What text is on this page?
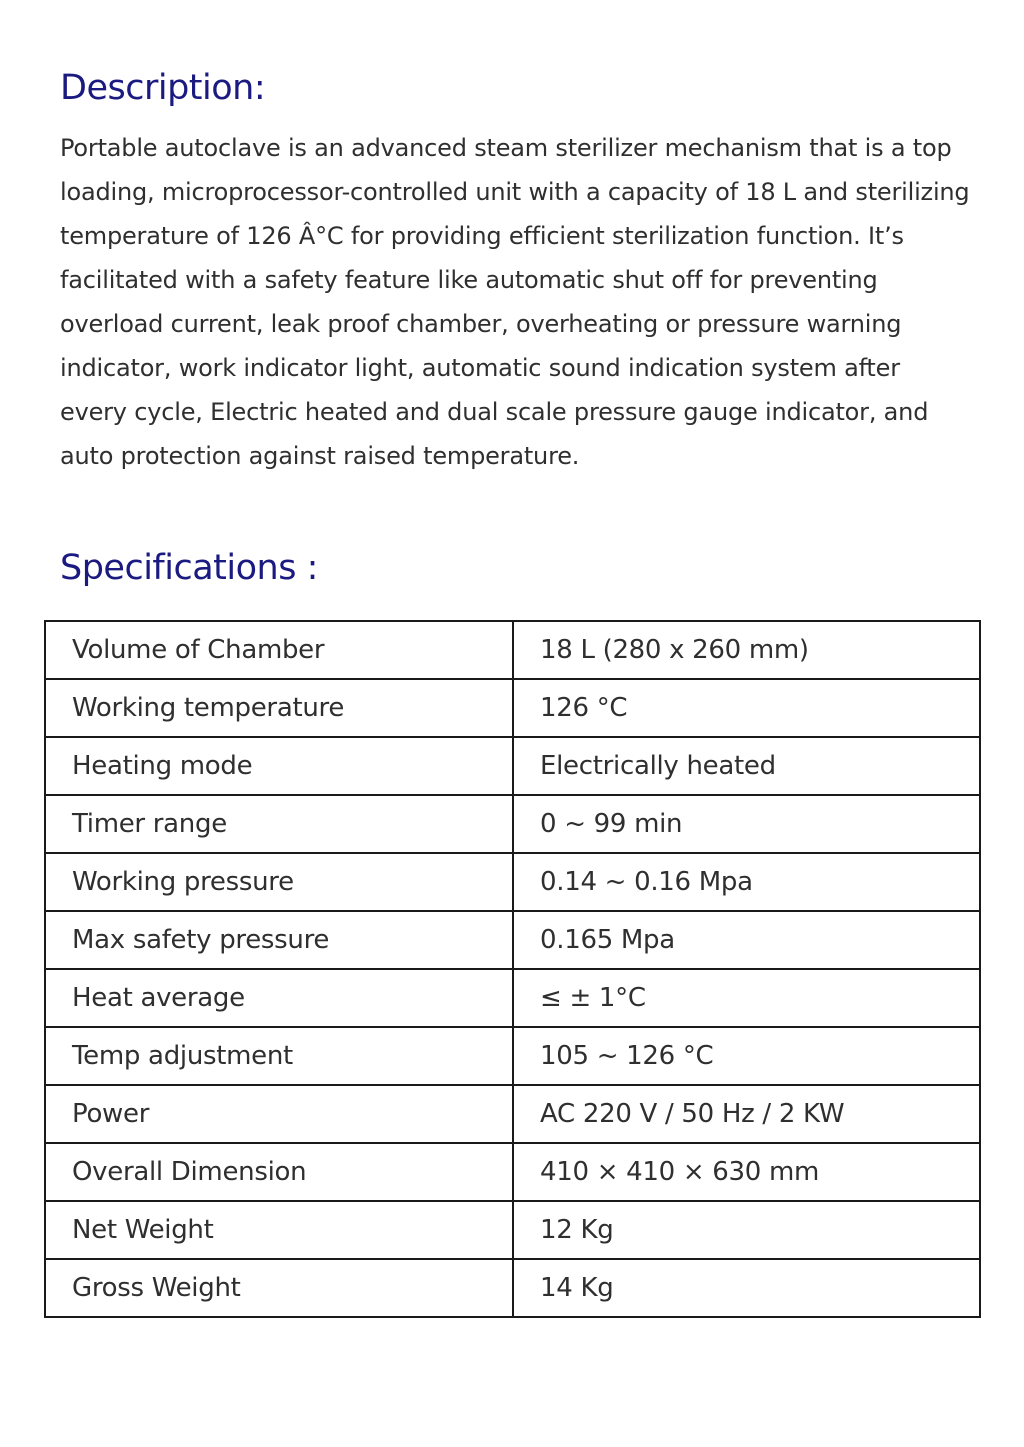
Description:

Portable autoclave is an advanced steam sterilizer mechanism that is a top loading, microprocessor-controlled unit with a capacity of 18 L and sterilizing temperature of 126 Â°C for providing efficient sterilization function. It’s facilitated with a safety feature like automatic shut off for preventing overload current, leak proof chamber, overheating or pressure warning indicator, work indicator light, automatic sound indication system after every cycle, Electric heated and dual scale pressure gauge indicator, and auto protection against raised temperature.

Specifications :
Volume of Chamber	18 L (280 x 260 mm)
Working temperature	126 °C
Heating mode	Electrically heated
Timer range	0 ~ 99 min
Working pressure	0.14 ~ 0.16 Mpa
Max safety pressure	0.165 Mpa
Heat average	≤ ± 1°C
Temp adjustment	105 ~ 126 °C
Power	AC 220 V / 50 Hz / 2 KW
Overall Dimension	410 × 410 × 630 mm
Net Weight	12 Kg
Gross Weight	14 Kg
